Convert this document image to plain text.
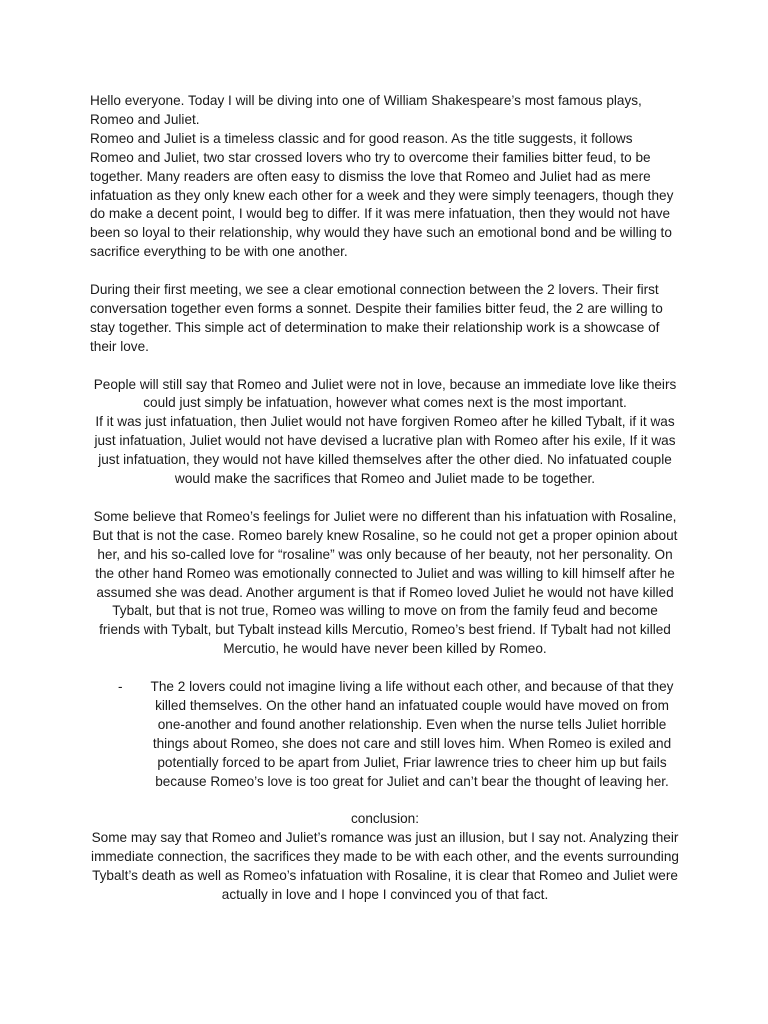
Hello everyone. Today I will be diving into one of William Shakespeare’s most famous plays, Romeo and Juliet.

Romeo and Juliet is a timeless classic and for good reason. As the title suggests, it follows Romeo and Juliet, two star crossed lovers who try to overcome their families bitter feud, to be together. Many readers are often easy to dismiss the love that Romeo and Juliet had as mere infatuation as they only knew each other for a week and they were simply teenagers, though they do make a decent point, I would beg to differ. If it was mere infatuation, then they would not have been so loyal to their relationship, why would they have such an emotional bond and be willing to sacrifice everything to be with one another.

During their first meeting, we see a clear emotional connection between the 2 lovers. Their first conversation together even forms a sonnet. Despite their families bitter feud, the 2 are willing to stay together. This simple act of determination to make their relationship work is a showcase of their love.

People will still say that Romeo and Juliet were not in love, because an immediate love like theirs could just simply be infatuation, however what comes next is the most important.

If it was just infatuation, then Juliet would not have forgiven Romeo after he killed Tybalt, if it was just infatuation, Juliet would not have devised a lucrative plan with Romeo after his exile, If it was just infatuation, they would not have killed themselves after the other died. No infatuated couple would make the sacrifices that Romeo and Juliet made to be together.

Some believe that Romeo’s feelings for Juliet were no different than his infatuation with Rosaline, But that is not the case. Romeo barely knew Rosaline, so he could not get a proper opinion about her, and his so-called love for “rosaline” was only because of her beauty, not her personality. On the other hand Romeo was emotionally connected to Juliet and was willing to kill himself after he assumed she was dead. Another argument is that if Romeo loved Juliet he would not have killed Tybalt, but that is not true, Romeo was willing to move on from the family feud and become friends with Tybalt, but Tybalt instead kills Mercutio, Romeo’s best friend. If Tybalt had not killed Mercutio, he would have never been killed by Romeo.

-	The 2 lovers could not imagine living a life without each other, and because of that they killed themselves. On the other hand an infatuated couple would have moved on from one-another and found another relationship. Even when the nurse tells Juliet horrible things about Romeo, she does not care and still loves him. When Romeo is exiled and potentially forced to be apart from Juliet, Friar lawrence tries to cheer him up but fails because Romeo’s love is too great for Juliet and can’t bear the thought of leaving her.

conclusion:

Some may say that Romeo and Juliet’s romance was just an illusion, but I say not. Analyzing their immediate connection, the sacrifices they made to be with each other, and the events surrounding Tybalt’s death as well as Romeo’s infatuation with Rosaline, it is clear that Romeo and Juliet were actually in love and I hope I convinced you of that fact.
